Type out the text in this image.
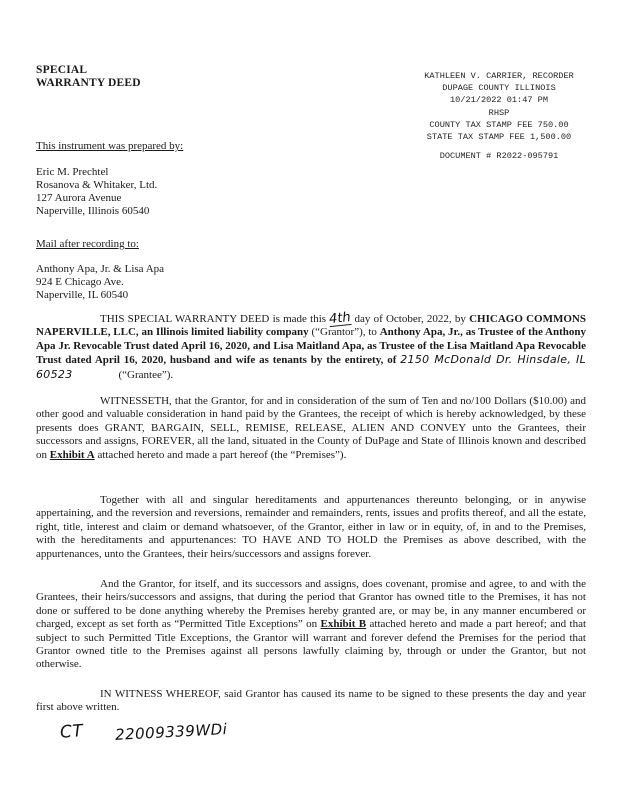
SPECIAL
WARRANTY DEED
KATHLEEN V. CARRIER, RECORDER
DUPAGE COUNTY ILLINOIS
10/21/2022 01:47 PM
RHSP
COUNTY TAX STAMP FEE 750.00
STATE TAX STAMP FEE 1,500.00
DOCUMENT # R2022-095791
This instrument was prepared by:
Eric M. Prechtel
Rosanova & Whitaker, Ltd.
127 Aurora Avenue
Naperville, Illinois 60540
Mail after recording to:
Anthony Apa, Jr. & Lisa Apa
924 E Chicago Ave.
Naperville, IL 60540

THIS SPECIAL WARRANTY DEED is made this 4th day of October, 2022, by CHICAGO COMMONS NAPERVILLE, LLC, an Illinois limited liability company (“Grantor”), to Anthony Apa, Jr., as Trustee of the Anthony Apa Jr. Revocable Trust dated April 16, 2020, and Lisa Maitland Apa, as Trustee of the Lisa Maitland Apa Revocable Trust dated April 16, 2020, husband and wife as tenants by the entirety, of 2150 McDonald Dr. Hinsdale, IL 60523	(“Grantee”).

WITNESSETH, that the Grantor, for and in consideration of the sum of Ten and no/100 Dollars ($10.00) and other good and valuable consideration in hand paid by the Grantees, the receipt of which is hereby acknowledged, by these presents does GRANT, BARGAIN, SELL, REMISE, RELEASE, ALIEN AND CONVEY unto the Grantees, their successors and assigns, FOREVER, all the land, situated in the County of DuPage and State of Illinois known and described on Exhibit A attached hereto and made a part hereof (the “Premises”).

Together with all and singular hereditaments and appurtenances thereunto belonging, or in anywise appertaining, and the reversion and reversions, remainder and remainders, rents, issues and profits thereof, and all the estate, right, title, interest and claim or demand whatsoever, of the Grantor, either in law or in equity, of, in and to the Premises, with the hereditaments and appurtenances: TO HAVE AND TO HOLD the Premises as above described, with the appurtenances, unto the Grantees, their heirs/successors and assigns forever.

And the Grantor, for itself, and its successors and assigns, does covenant, promise and agree, to and with the Grantees, their heirs/successors and assigns, that during the period that Grantor has owned title to the Premises, it has not done or suffered to be done anything whereby the Premises hereby granted are, or may be, in any manner encumbered or charged, except as set forth as “Permitted Title Exceptions” on Exhibit B attached hereto and made a part hereof; and that subject to such Permitted Title Exceptions, the Grantor will warrant and forever defend the Premises for the period that Grantor owned title to the Premises against all persons lawfully claiming by, through or under the Grantor, but not otherwise.

IN WITNESS WHEREOF, said Grantor has caused its name to be signed to these presents the day and year first above written.

CT 22009339WDi
